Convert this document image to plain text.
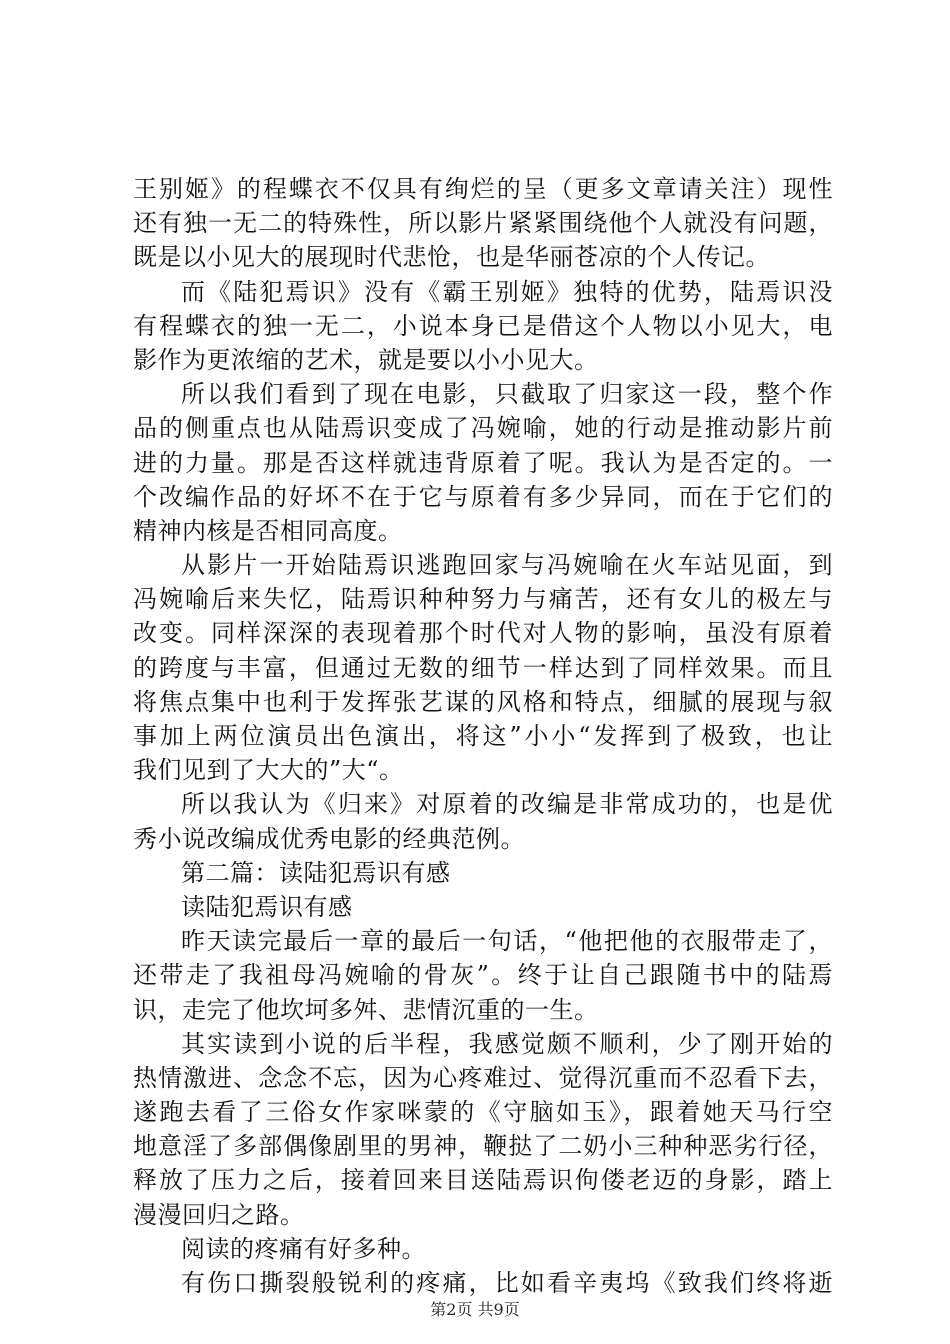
王别姬》的程蝶衣不仅具有绚烂的呈（更多文章请关注）现性
还有独一无二的特殊性，所以影片紧紧围绕他个人就没有问题，
既是以小见大的展现时代悲怆，也是华丽苍凉的个人传记。
而《陆犯焉识》没有《霸王别姬》独特的优势，陆焉识没
有程蝶衣的独一无二，小说本身已是借这个人物以小见大，电
影作为更浓缩的艺术，就是要以小小见大。
所以我们看到了现在电影，只截取了归家这一段，整个作
品的侧重点也从陆焉识变成了冯婉喻，她的行动是推动影片前
进的力量。那是否这样就违背原着了呢。我认为是否定的。一
个改编作品的好坏不在于它与原着有多少异同，而在于它们的
精神内核是否相同高度。
从影片一开始陆焉识逃跑回家与冯婉喻在火车站见面，到
冯婉喻后来失忆，陆焉识种种努力与痛苦，还有女儿的极左与
改变。同样深深的表现着那个时代对人物的影响，虽没有原着
的跨度与丰富，但通过无数的细节一样达到了同样效果。而且
将焦点集中也利于发挥张艺谋的风格和特点，细腻的展现与叙
事加上两位演员出色演出，将这”小小“发挥到了极致，也让
我们见到了大大的”大“。
所以我认为《归来》对原着的改编是非常成功的，也是优
秀小说改编成优秀电影的经典范例。
第二篇：读陆犯焉识有感
读陆犯焉识有感
昨天读完最后一章的最后一句话，“他把他的衣服带走了，
还带走了我祖母冯婉喻的骨灰”。终于让自己跟随书中的陆焉
识，走完了他坎坷多舛、悲情沉重的一生。
其实读到小说的后半程，我感觉颇不顺利，少了刚开始的
热情激进、念念不忘，因为心疼难过、觉得沉重而不忍看下去，
遂跑去看了三俗女作家咪蒙的《守脑如玉》，跟着她天马行空
地意淫了多部偶像剧里的男神，鞭挞了二奶小三种种恶劣行径，
释放了压力之后，接着回来目送陆焉识佝偻老迈的身影，踏上
漫漫回归之路。
阅读的疼痛有好多种。
有伤口撕裂般锐利的疼痛，比如看辛夷坞《致我们终将逝
第2页 共9页
